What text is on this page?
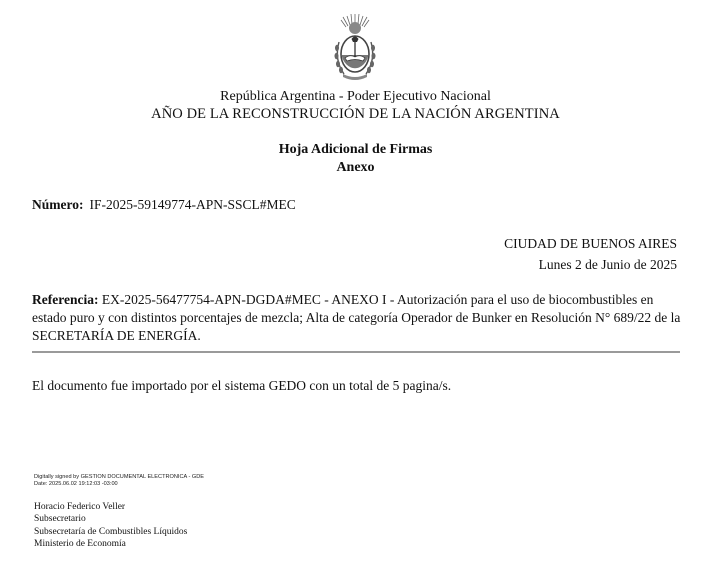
República Argentina - Poder Ejecutivo Nacional
AÑO DE LA RECONSTRUCCIÓN DE LA NACIÓN ARGENTINA
Hoja Adicional de Firmas
Anexo
Número: IF-2025-59149774-APN-SSCL#MEC
CIUDAD DE BUENOS AIRES
Lunes 2 de Junio de 2025
Referencia: EX-2025-56477754-APN-DGDA#MEC - ANEXO I - Autorización para el uso de biocombustibles en estado puro y con distintos porcentajes de mezcla; Alta de categoría Operador de Bunker en Resolución N° 689/22 de la SECRETARÍA DE ENERGÍA.
El documento fue importado por el sistema GEDO con un total de 5 pagina/s.
Digitally signed by GESTION DOCUMENTAL ELECTRONICA - GDE
Date: 2025.06.02 19:12:03 -03:00
Horacio Federico Veller
Subsecretario
Subsecretaría de Combustibles Líquidos
Ministerio de Economía
